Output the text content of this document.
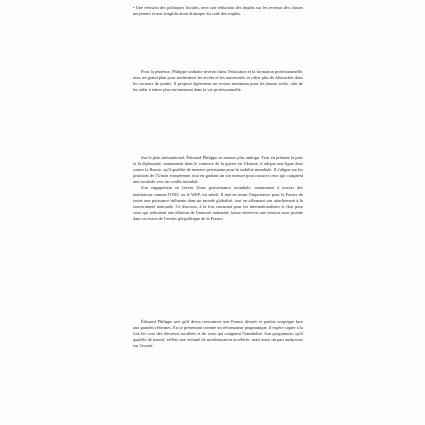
• Une révision des politiques fiscales, avec une réduction des impôts sur les revenus des classes moyennes et une simplification drastique du code des impôts.

Pour la jeunesse, Philippe souhaite investir dans l'éducation et la formation professionnelle, avec un grand plan pour moderniser les écoles et les universités, et offrir plus de débouchés dans les secteurs de pointe. Il propose également un revenu minimum pour les jeunes actifs, afin de les aider à entrer plus sereinement dans la vie professionnelle.

Sur le plan international, Édouard Philippe se montre plus ambigu. Tout en prônant la paix et la diplomatie, notamment dans le contexte de la guerre en Ukraine, il adopte une ligne dure contre la Russie, qu'il qualifie de menace persistante pour la stabilité mondiale. Il s'aligne sur les positions de l'Union européenne, tout en gardant un ton mesuré pour rassurer ceux qui craignent une escalade vers un conflit mondial.

Son engagement en faveur d'une gouvernance mondiale, notamment à travers des institutions comme l'ONU ou le WEF, est subtil. Il met en avant l'importance pour la France de rester une puissance influente dans un monde globalisé, tout en affirmant son attachement à la souveraineté nationale. Ce discours, à la fois rassurant pour les internationalistes et flou pour ceux qui redoutent une dilution de l'autorité nationale, laisse entrevoir une tension sous-jacente dans sa vision de l'avenir géopolitique de la France.

Édouard Philippe sait qu'il devra convaincre une France divisée et parfois sceptique face aux grandes réformes. En se présentant comme un réformateur pragmatique, il espère capter à la fois les voix des électeurs modérés et de ceux qui craignent l'instabilité. Son programme, qu'il qualifie de massif, reflète une volonté de modernisation accélérée, mais aussi un pari audacieux sur l'avenir.
